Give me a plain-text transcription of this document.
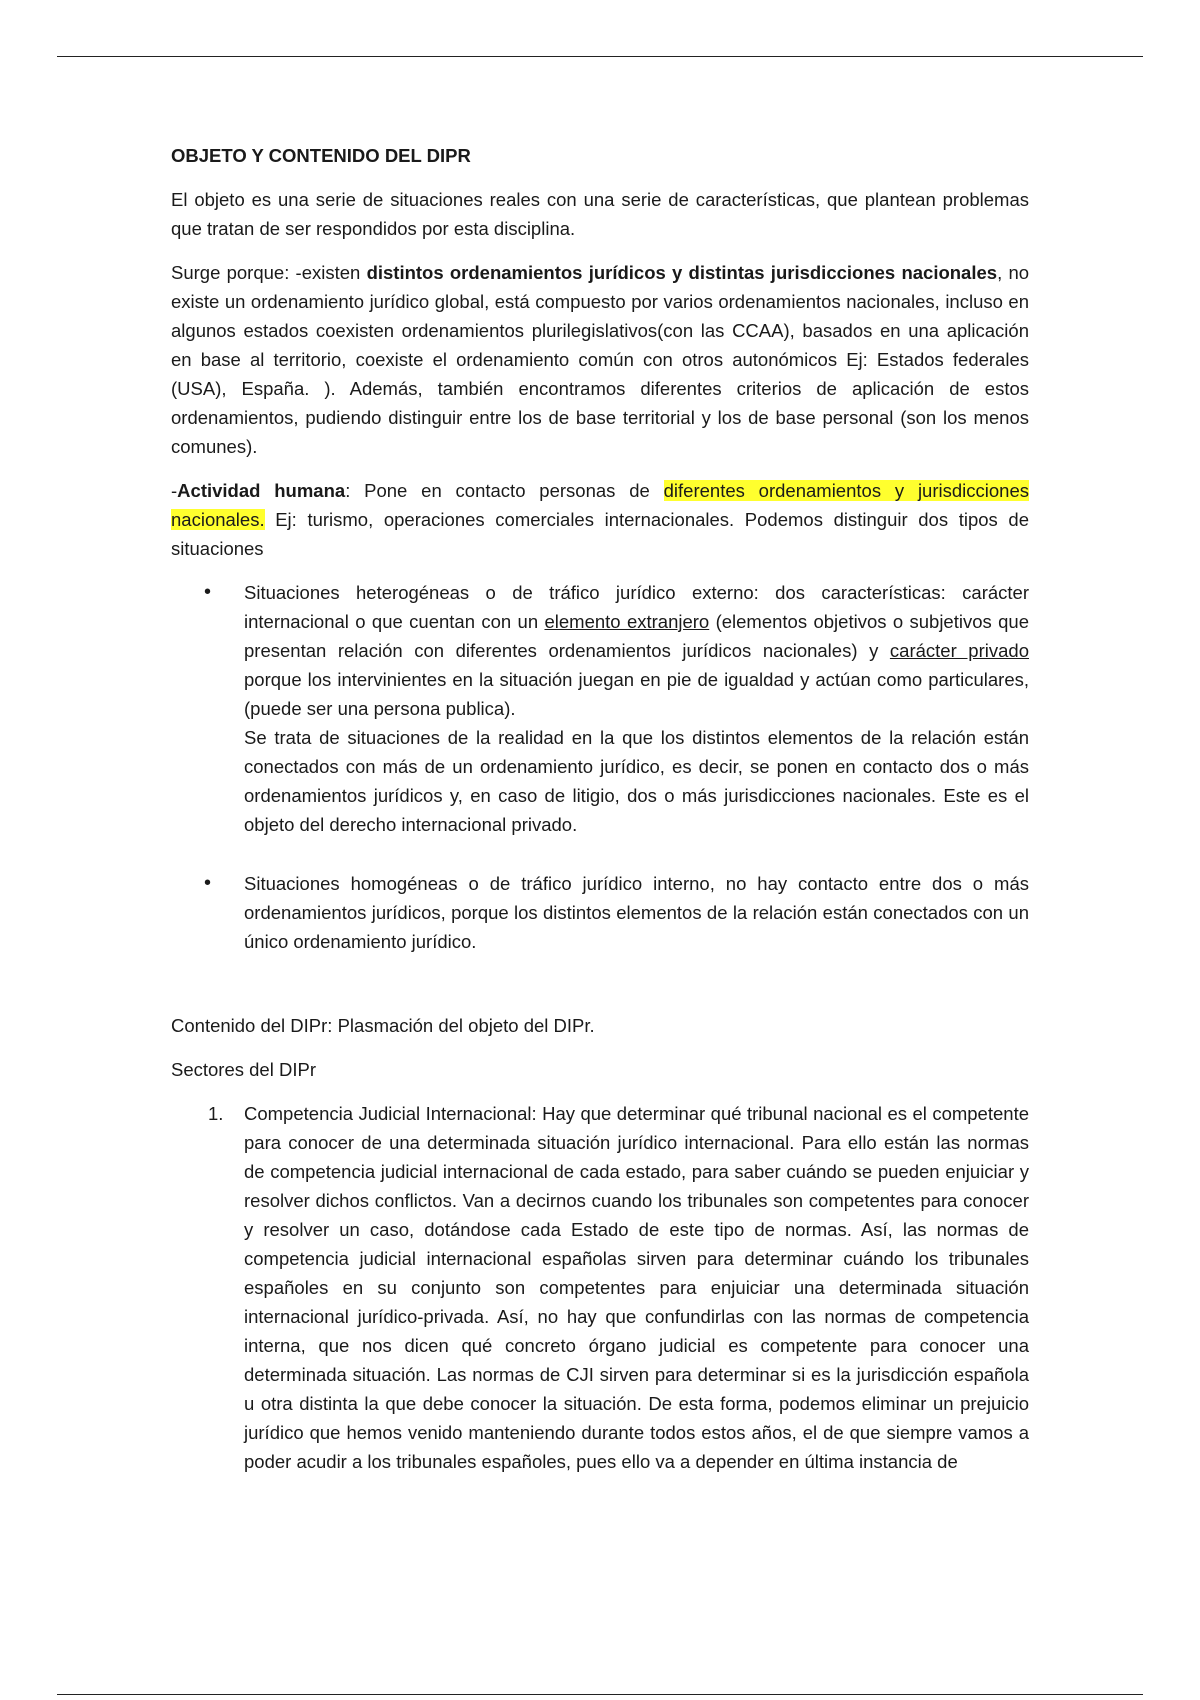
OBJETO Y CONTENIDO DEL DIPR

El objeto es una serie de situaciones reales con una serie de características, que plantean problemas que tratan de ser respondidos por esta disciplina.

Surge porque: -existen distintos ordenamientos jurídicos y distintas jurisdicciones nacionales, no existe un ordenamiento jurídico global, está compuesto por varios ordenamientos nacionales, incluso en algunos estados coexisten ordenamientos plurilegislativos(con las CCAA), basados en una aplicación en base al territorio, coexiste el ordenamiento común con otros autonómicos Ej: Estados federales (USA), España. ). Además, también encontramos diferentes criterios de aplicación de estos ordenamientos, pudiendo distinguir entre los de base territorial y los de base personal (son los menos comunes).

-Actividad humana: Pone en contacto personas de diferentes ordenamientos y jurisdicciones nacionales. Ej: turismo, operaciones comerciales internacionales. Podemos distinguir dos tipos de situaciones

• Situaciones heterogéneas o de tráfico jurídico externo: dos características: carácter internacional o que cuentan con un elemento extranjero (elementos objetivos o subjetivos que presentan relación con diferentes ordenamientos jurídicos nacionales) y carácter privado porque los intervinientes en la situación juegan en pie de igualdad y actúan como particulares, (puede ser una persona publica).
Se trata de situaciones de la realidad en la que los distintos elementos de la relación están conectados con más de un ordenamiento jurídico, es decir, se ponen en contacto dos o más ordenamientos jurídicos y, en caso de litigio, dos o más jurisdicciones nacionales. Este es el objeto del derecho internacional privado.
• Situaciones homogéneas o de tráfico jurídico interno, no hay contacto entre dos o más ordenamientos jurídicos, porque los distintos elementos de la relación están conectados con un único ordenamiento jurídico.

Contenido del DIPr: Plasmación del objeto del DIPr.

Sectores del DIPr

1. Competencia Judicial Internacional: Hay que determinar qué tribunal nacional es el competente para conocer de una determinada situación jurídico internacional. Para ello están las normas de competencia judicial internacional de cada estado, para saber cuándo se pueden enjuiciar y resolver dichos conflictos. Van a decirnos cuando los tribunales son competentes para conocer y resolver un caso, dotándose cada Estado de este tipo de normas. Así, las normas de competencia judicial internacional españolas sirven para determinar cuándo los tribunales españoles en su conjunto son competentes para enjuiciar una determinada situación internacional jurídico-privada. Así, no hay que confundirlas con las normas de competencia interna, que nos dicen qué concreto órgano judicial es competente para conocer una determinada situación. Las normas de CJI sirven para determinar si es la jurisdicción española u otra distinta la que debe conocer la situación. De esta forma, podemos eliminar un prejuicio jurídico que hemos venido manteniendo durante todos estos años, el de que siempre vamos a poder acudir a los tribunales españoles, pues ello va a depender en última instancia de
